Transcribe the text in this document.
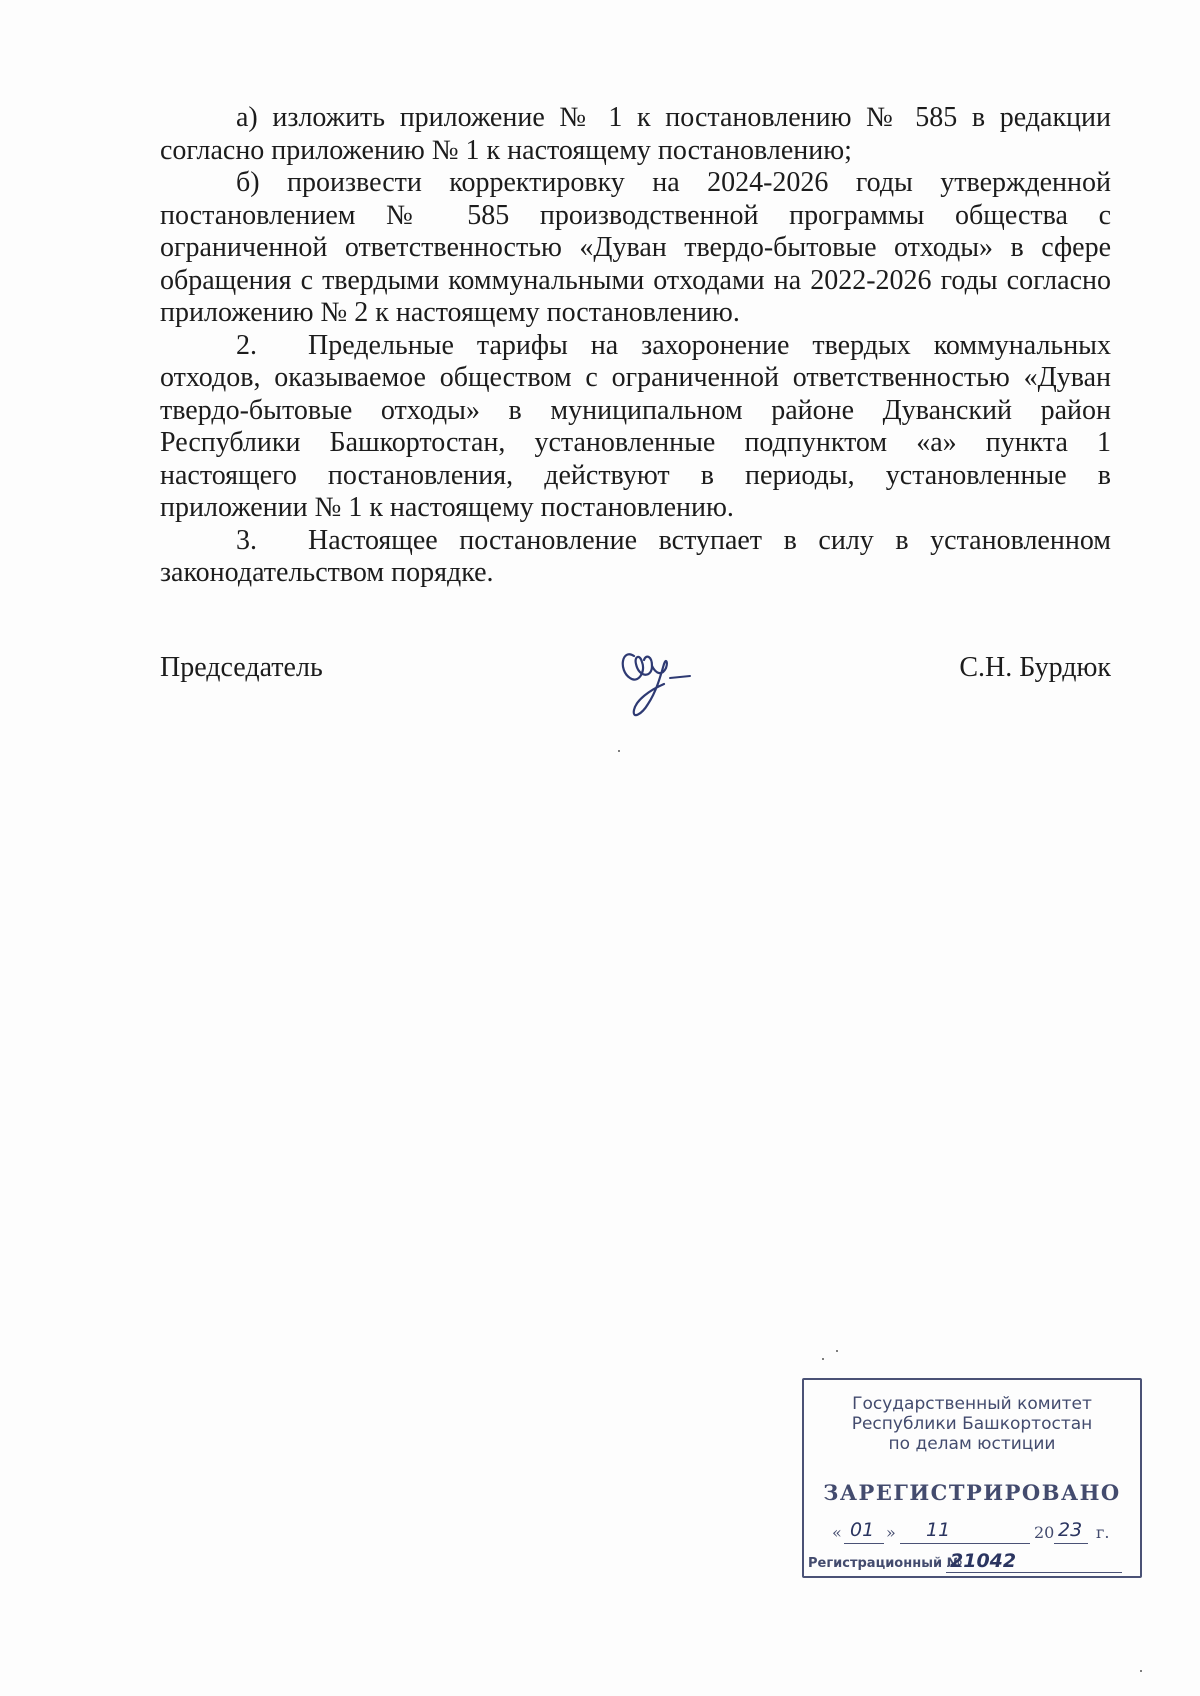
а) изложить приложение № 1 к постановлению № 585 в редакции согласно приложению № 1 к настоящему постановлению;

б) произвести корректировку на 2024-2026 годы утвержденной постановлением № 585 производственной программы общества с ограниченной ответственностью «Дуван твердо-бытовые отходы» в сфере обращения с твердыми коммунальными отходами на 2022-2026 годы согласно приложению № 2 к настоящему постановлению.

2. Предельные тарифы на захоронение твердых коммунальных отходов, оказываемое обществом с ограниченной ответственностью «Дуван твердо-бытовые отходы» в муниципальном районе Дуванский район Республики Башкортостан, установленные подпунктом «а» пункта 1 настоящего постановления, действуют в периоды, установленные в приложении № 1 к настоящему постановлению.

3. Настоящее постановление вступает в силу в установленном законодательством порядке.

Председатель	С.Н. Бурдюк
Государственный комитет
Республики Башкортостан
по делам юстиции
ЗАРЕГИСТРИРОВАНО
« 01 » 11	20 23 г.
Регистрационный №
21042
